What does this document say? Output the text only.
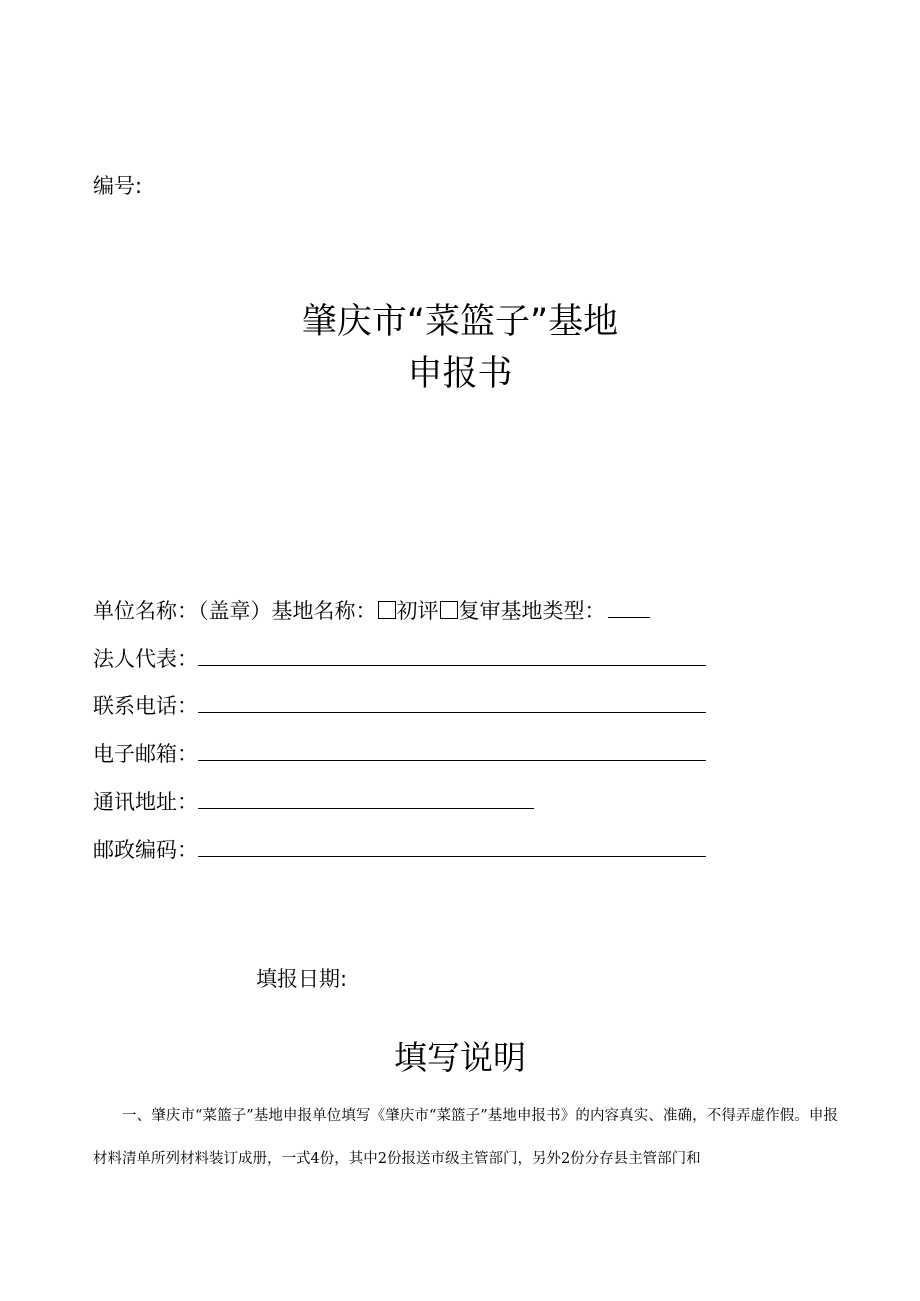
编号:
肇庆市“菜篮子”基地
申报书
单位名称：（盖章）基地名称： 初评 复审基地类型：
法人代表：
联系电话：
电子邮箱：
通讯地址：
邮政编码：
填报日期:
填写说明
一、肇庆市“菜篮子”基地申报单位填写《肇庆市“菜篮子”基地申报书》的内容真实、准确，不得弄虚作假。申报材料清单所列材料装订成册，一式4份，其中2份报送市级主管部门，另外2份分存县主管部门和
